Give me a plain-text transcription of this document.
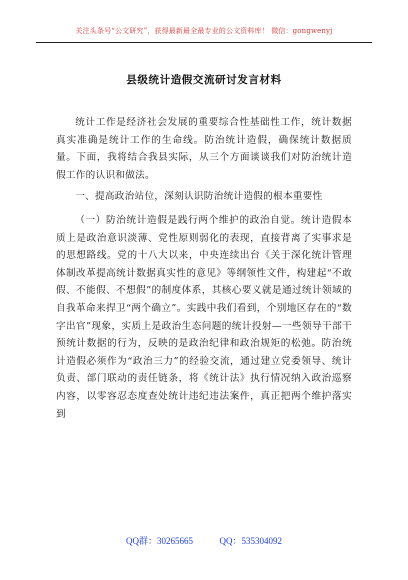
关注头条号“公文研究”，获得最新最全最专业的公文资料库！ 微信：gongwenyj
县级统计造假交流研讨发言材料

统计工作是经济社会发展的重要综合性基础性工作，统计数据真实准确是统计工作的生命线。防治统计造假，确保统计数据质量。下面，我将结合我县实际，从三个方面谈谈我们对防治统计造假工作的认识和做法。

一、提高政治站位，深刻认识防治统计造假的根本重要性

（一）防治统计造假是践行两个维护的政治自觉。统计造假本质上是政治意识淡薄、党性原则弱化的表现，直接背离了实事求是的思想路线。党的十八大以来，中央连续出台《关于深化统计管理体制改革提高统计数据真实性的意见》等纲领性文件，构建起“不敢假、不能假、不想假”的制度体系，其核心要义就是通过统计领域的自我革命来捍卫“两个确立”。实践中我们看到，个别地区存在的“数字出官”现象，实质上是政治生态问题的统计投射—一些领导干部干预统计数据的行为，反映的是政治纪律和政治规矩的松弛。防治统计造假必须作为“政治三力”的经验交流，通过建立党委领导、统计负责、部门联动的责任链条，将《统计法》执行情况纳入政治巡察内容，以零容忍态度查处统计违纪违法案件，真正把两个维护落实到

QQ群：30265665	QQ：535304092
